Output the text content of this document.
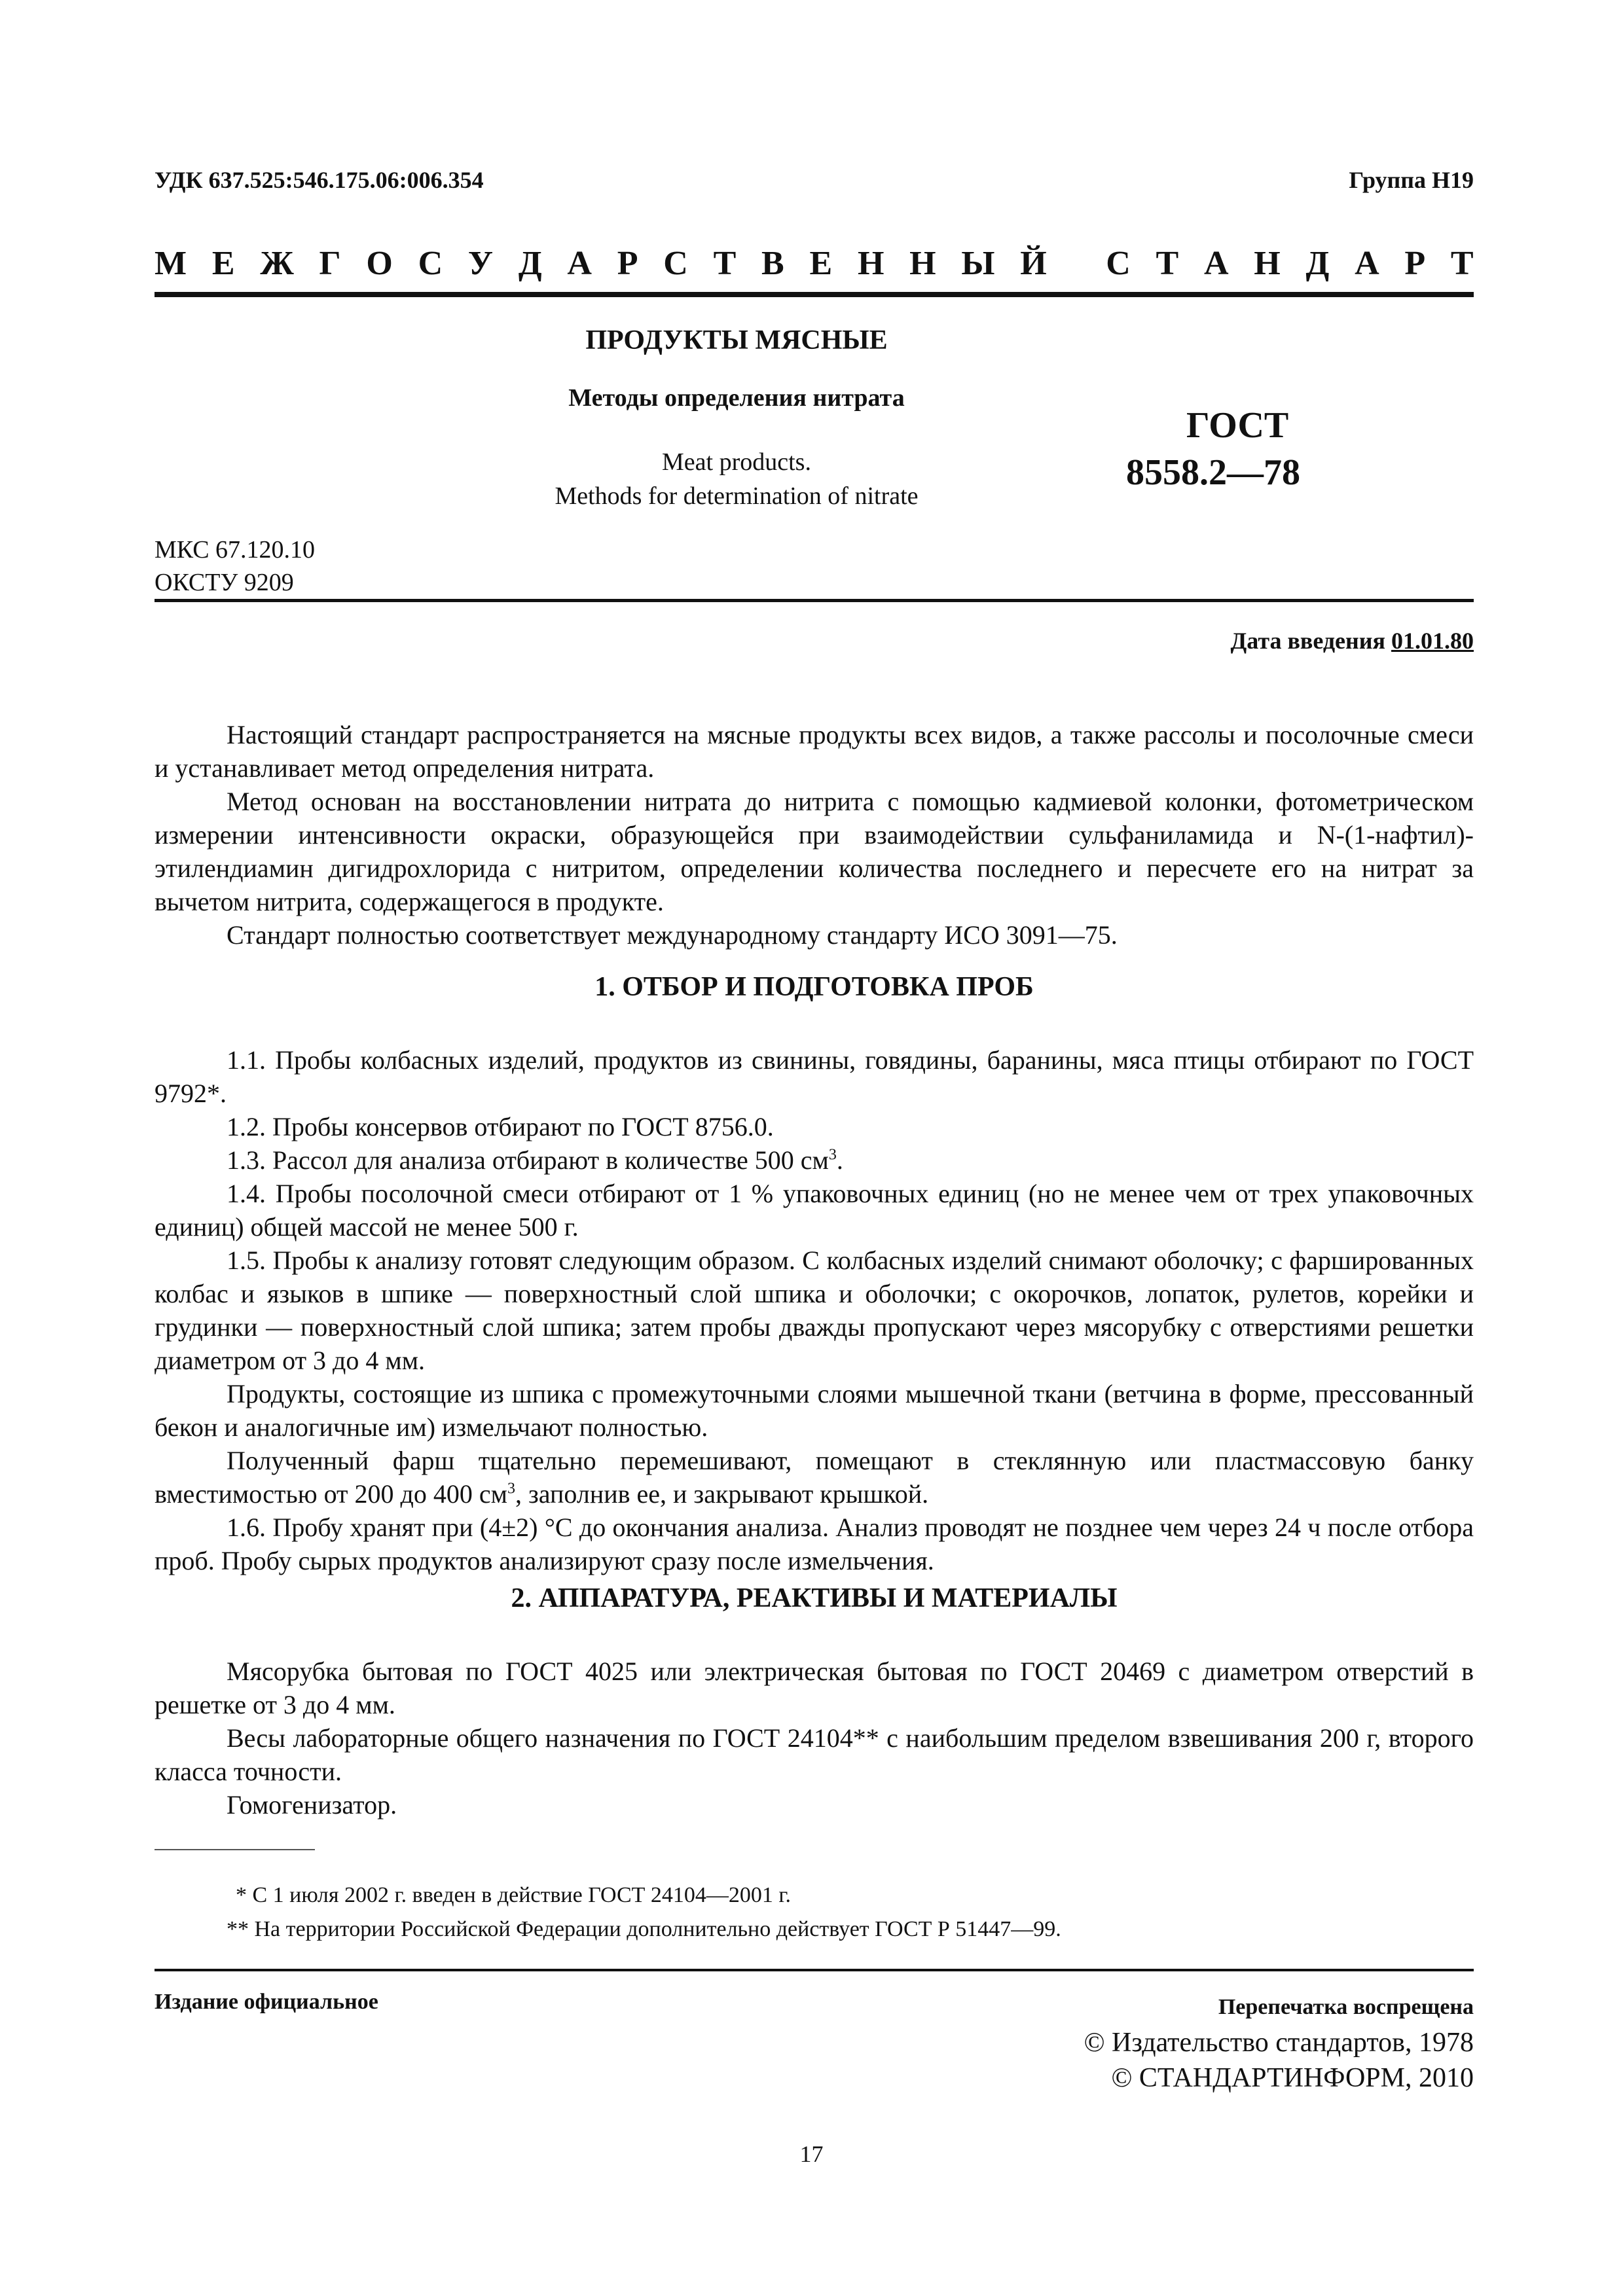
УДК 637.525:546.175.06:006.354	Группа Н19
М Е Ж Г О С У Д А Р С Т В Е Н Н Ы Й
С Т А Н Д А Р Т
ПРОДУКТЫ МЯСНЫЕ
Методы определения нитрата
Meat products.
Methods for determination of nitrate
ГОСТ
8558.2—78
МКС 67.120.10
ОКСТУ 9209
Дата введения 01.01.80

Настоящий стандарт распространяется на мясные продукты всех видов, а также рассолы и посолочные смеси и устанавливает метод определения нитрата.

Метод основан на восстановлении нитрата до нитрита с помощью кадмиевой колонки, фотометрическом измерении интенсивности окраски, образующейся при взаимодействии сульфаниламида и N-(1-нафтил)-этилендиамин дигидрохлорида с нитритом, определении количества последнего и пересчете его на нитрат за вычетом нитрита, содержащегося в продукте.

Стандарт полностью соответствует международному стандарту ИСО 3091—75.

1. ОТБОР И ПОДГОТОВКА ПРОБ

1.1. Пробы колбасных изделий, продуктов из свинины, говядины, баранины, мяса птицы отбирают по ГОСТ 9792*.

1.2. Пробы консервов отбирают по ГОСТ 8756.0.

1.3. Рассол для анализа отбирают в количестве 500 $см^3$.

1.4. Пробы посолочной смеси отбирают от 1 % упаковочных единиц (но не менее чем от трех упаковочных единиц) общей массой не менее 500 г.

1.5. Пробы к анализу готовят следующим образом. С колбасных изделий снимают оболочку; с фаршированных колбас и языков в шпике — поверхностный слой шпика и оболочки; с окорочков, лопаток, рулетов, корейки и грудинки — поверхностный слой шпика; затем пробы дважды пропускают через мясорубку с отверстиями решетки диаметром от 3 до 4 мм.

Продукты, состоящие из шпика с промежуточными слоями мышечной ткани (ветчина в форме, прессованный бекон и аналогичные им) измельчают полностью.

Полученный фарш тщательно перемешивают, помещают в стеклянную или пластмассовую банку вместимостью от 200 до 400 $см^3$, заполнив ее, и закрывают крышкой.

1.6. Пробу хранят при (4±2) °С до окончания анализа. Анализ проводят не позднее чем через 24 ч после отбора проб. Пробу сырых продуктов анализируют сразу после измельчения.

2. АППАРАТУРА, РЕАКТИВЫ И МАТЕРИАЛЫ

Мясорубка бытовая по ГОСТ 4025 или электрическая бытовая по ГОСТ 20469 с диаметром отверстий в решетке от 3 до 4 мм.

Весы лабораторные общего назначения по ГОСТ 24104** с наибольшим пределом взвешивания 200 г, второго класса точности.

Гомогенизатор.

* С 1 июля 2002 г. введен в действие ГОСТ 24104—2001 г.

** На территории Российской Федерации дополнительно действует ГОСТ Р 51447—99.

Издание официальное	Перепечатка воспрещена
© Издательство стандартов, 1978
© СТАНДАРТИНФОРМ, 2010
17
